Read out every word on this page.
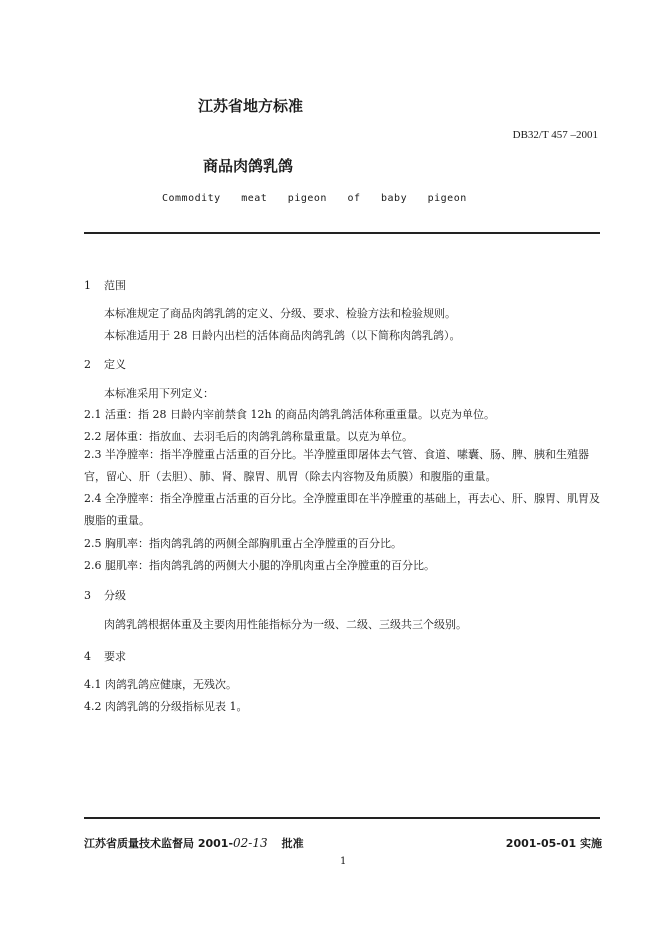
江苏省地方标准
DB32/T 457 –2001
商品肉鸽乳鸽
Commodity meat pigeon of baby pigeon
1 范围
本标准规定了商品肉鸽乳鸽的定义、分级、要求、检验方法和检验规则。
本标准适用于 28 日龄内出栏的活体商品肉鸽乳鸽（以下简称肉鸽乳鸽）。
2 定义
本标准采用下列定义：
2.1 活重：指 28 日龄内宰前禁食 12h 的商品肉鸽乳鸽活体称重重量。以克为单位。
2.2 屠体重：指放血、去羽毛后的肉鸽乳鸽称量重量。以克为单位。
2.3 半净膛率：指半净膛重占活重的百分比。半净膛重即屠体去气管、食道、嗉囊、肠、脾、胰和生殖器官，留心、肝（去胆）、肺、肾、腺胃、肌胃（除去内容物及角质膜）和腹脂的重量。
2.4 全净膛率：指全净膛重占活重的百分比。全净膛重即在半净膛重的基础上，再去心、肝、腺胃、肌胃及腹脂的重量。
2.5 胸肌率：指肉鸽乳鸽的两侧全部胸肌重占全净膛重的百分比。
2.6 腿肌率：指肉鸽乳鸽的两侧大小腿的净肌肉重占全净膛重的百分比。
3 分级
肉鸽乳鸽根据体重及主要肉用性能指标分为一级、二级、三级共三个级别。
4 要求
4.1 肉鸽乳鸽应健康，无残次。
4.2 肉鸽乳鸽的分级指标见表 1。
江苏省质量技术监督局 2001-02-13 批准	2001-05-01 实施
1
